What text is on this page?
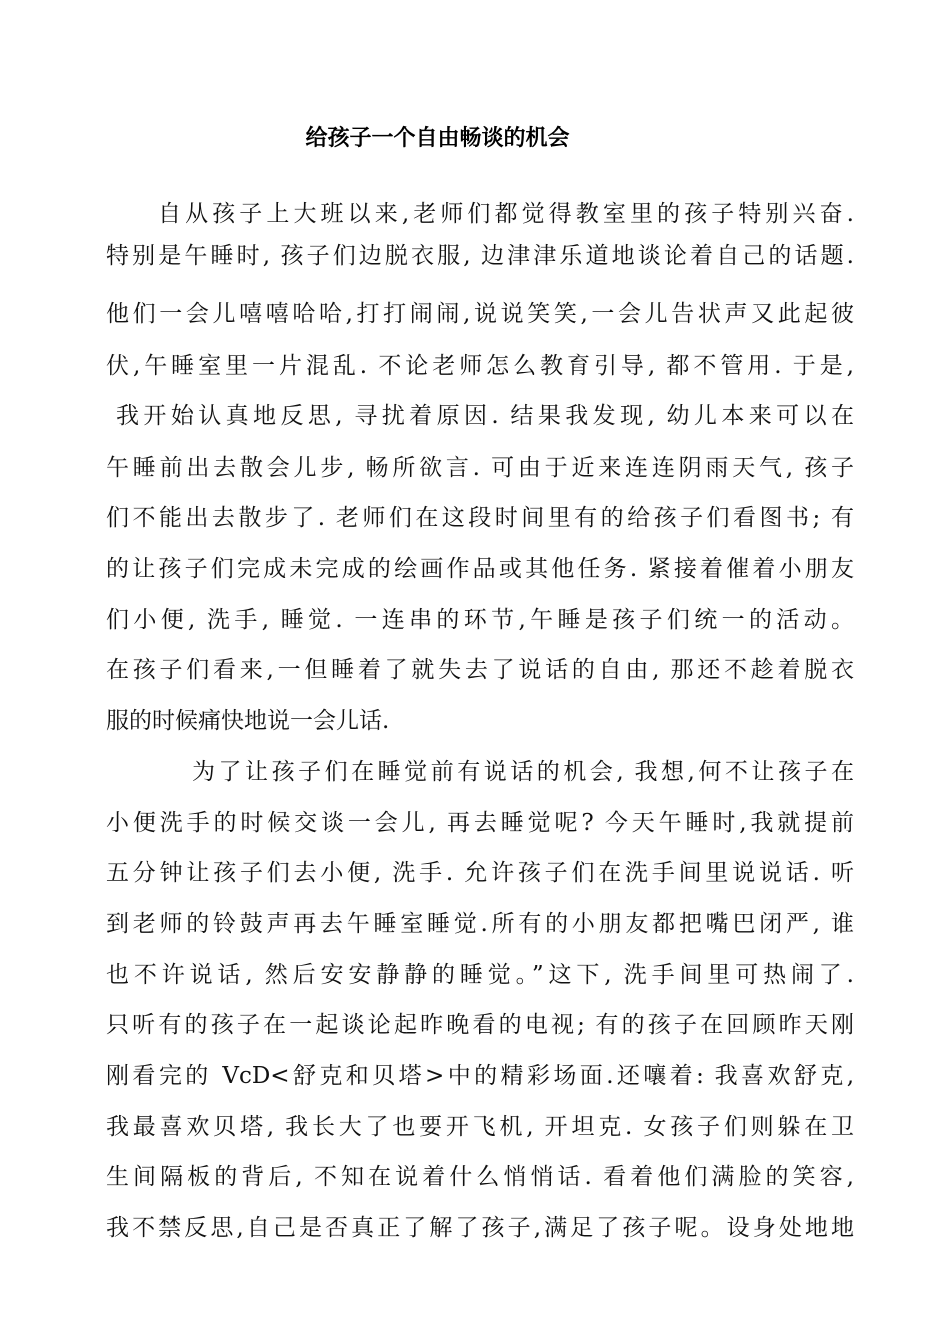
给孩子一个自由畅谈的机会
自从孩子上大班以来,老师们都觉得教室里的孩子特别兴奋.
特别是午睡时, 孩子们边脱衣服, 边津津乐道地谈论着自己的话题.
他们一会儿嘻嘻哈哈,打打闹闹,说说笑笑,一会儿告状声又此起彼
伏,午睡室里一片混乱. 不论老师怎么教育引导, 都不管用. 于是,
我开始认真地反思, 寻扰着原因. 结果我发现, 幼儿本来可以在
午睡前出去散会儿步, 畅所欲言. 可由于近来连连阴雨天气, 孩子
们不能出去散步了. 老师们在这段时间里有的给孩子们看图书; 有
的让孩子们完成未完成的绘画作品或其他任务. 紧接着催着小朋友
们小便, 洗手, 睡觉. 一连串的环节,午睡是孩子们统一的活动。
在孩子们看来,一但睡着了就失去了说话的自由, 那还不趁着脱衣
服的时候痛快地说一会儿话.
为了让孩子们在睡觉前有说话的机会, 我想,何不让孩子在
小便洗手的时候交谈一会儿, 再去睡觉呢? 今天午睡时,我就提前
五分钟让孩子们去小便, 洗手. 允许孩子们在洗手间里说说话. 听
到老师的铃鼓声再去午睡室睡觉.所有的小朋友都把嘴巴闭严, 谁
也不许说话, 然后安安静静的睡觉。”这下, 洗手间里可热闹了.
只听有的孩子在一起谈论起昨晚看的电视; 有的孩子在回顾昨天刚
刚看完的 VcD<舒克和贝塔>中的精彩场面.还嚷着: 我喜欢舒克,
我最喜欢贝塔, 我长大了也要开飞机, 开坦克. 女孩子们则躲在卫
生间隔板的背后, 不知在说着什么悄悄话. 看着他们满脸的笑容,
我不禁反思,自己是否真正了解了孩子,满足了孩子呢。设身处地地
